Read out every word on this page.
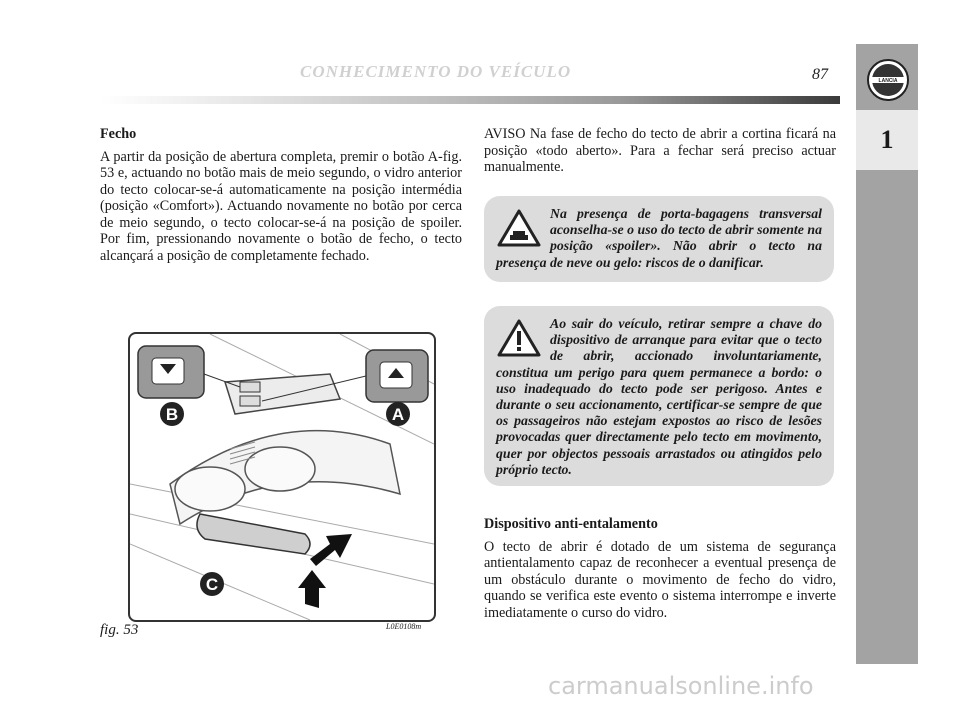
CONHECIMENTO DO VEÍCULO	87	LANCIA
1

Fecho

A partir da posição de abertura completa, premir o botão A-fig. 53 e, actuando no botão mais de meio segundo, o vidro anterior do tecto colocar-se-á automaticamente na posição intermédia (posição «Comfort»). Actuando novamente no botão por cerca de meio segundo, o tecto colocar-se-á na posição de spoiler. Por fim, pressionando novamente o botão de fecho, o tecto alcançará a posição de completamente fechado.

B	A
C
fig. 53	L0E0108m

AVISO Na fase de fecho do tecto de abrir a cortina ficará na posição «todo aberto». Para a fechar será preciso actuar manualmente.

Na presença de porta-bagagens transversal aconselha-se o uso do tecto de abrir somente na posição «spoiler». Não abrir o tecto na presença de neve ou gelo: riscos de o danificar.
Ao sair do veículo, retirar sempre a chave do dispositivo de arranque para evitar que o tecto de abrir, accionado involuntariamente, constitua um perigo para quem permanece a bordo: o uso inadequado do tecto pode ser perigoso. Antes e durante o seu accionamento, certificar-se sempre de que os passageiros não estejam expostos ao risco de lesões provocadas quer directamente pelo tecto em movimento, quer por objectos pessoais arrastados ou atingidos pelo próprio tecto.

Dispositivo anti-entalamento

O tecto de abrir é dotado de um sistema de segurança antientalamento capaz de reconhecer a eventual presença de um obstáculo durante o movimento de fecho do vidro, quando se verifica este evento o sistema interrompe e inverte imediatamente o curso do vidro.

carmanualsonline.info
